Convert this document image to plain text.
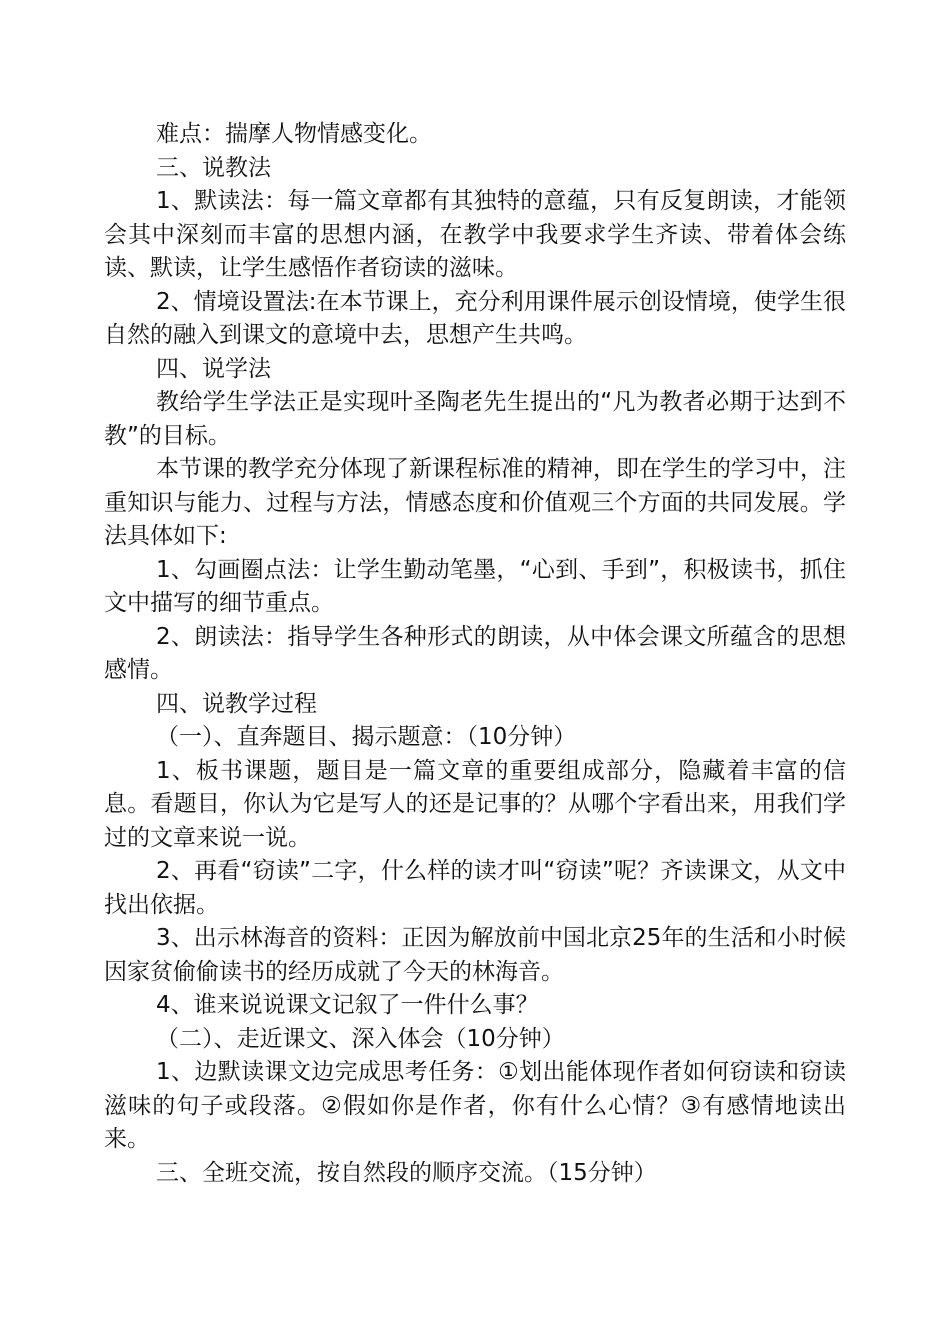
难点：揣摩人物情感变化。

三、说教法

1、默读法：每一篇文章都有其独特的意蕴，只有反复朗读，才能领会其中深刻而丰富的思想内涵，在教学中我要求学生齐读、带着体会练读、默读，让学生感悟作者窃读的滋味。

2、情境设置法:在本节课上，充分利用课件展示创设情境，使学生很自然的融入到课文的意境中去，思想产生共鸣。

四、说学法

教给学生学法正是实现叶圣陶老先生提出的“凡为教者必期于达到不教”的目标。

本节课的教学充分体现了新课程标准的精神，即在学生的学习中，注重知识与能力、过程与方法，情感态度和价值观三个方面的共同发展。学法具体如下:

1、勾画圈点法：让学生勤动笔墨，“心到、手到”，积极读书，抓住文中描写的细节重点。

2、朗读法：指导学生各种形式的朗读，从中体会课文所蕴含的思想感情。

四、说教学过程

（一）、直奔题目、揭示题意：（10分钟）

1、板书课题，题目是一篇文章的重要组成部分，隐藏着丰富的信息。看题目，你认为它是写人的还是记事的？从哪个字看出来，用我们学过的文章来说一说。

2、再看“窃读”二字，什么样的读才叫“窃读”呢？齐读课文，从文中找出依据。

3、出示林海音的资料：正因为解放前中国北京25年的生活和小时候因家贫偷偷读书的经历成就了今天的林海音。

4、谁来说说课文记叙了一件什么事？

（二）、走近课文、深入体会（10分钟）

1、边默读课文边完成思考任务：①划出能体现作者如何窃读和窃读滋味的句子或段落。②假如你是作者，你有什么心情？③有感情地读出来。

三、全班交流，按自然段的顺序交流。（15分钟）
